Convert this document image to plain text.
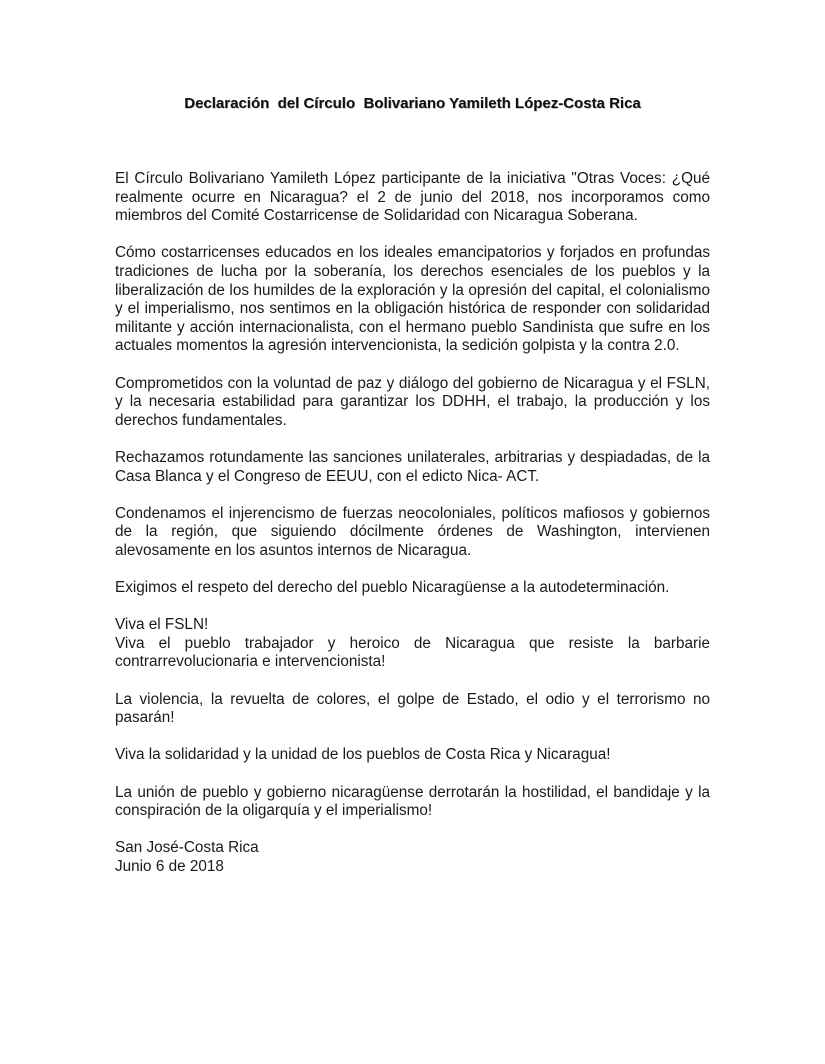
Declaración  del Círculo  Bolivariano Yamileth López-Costa Rica

El Círculo Bolivariano Yamileth López participante de la iniciativa "Otras Voces: ¿Qué realmente ocurre en Nicaragua? el 2 de junio del 2018, nos incorporamos como miembros del Comité Costarricense de Solidaridad con Nicaragua Soberana.

Cómo costarricenses educados en los ideales emancipatorios y forjados en profundas tradiciones de lucha por la soberanía, los derechos esenciales de los pueblos y la liberalización de los humildes de la exploración y la opresión del capital, el colonialismo y el imperialismo, nos sentimos en la obligación histórica de responder con solidaridad militante y acción internacionalista, con el hermano pueblo Sandinista que sufre en los actuales momentos la agresión intervencionista, la sedición golpista y la contra 2.0.

Comprometidos con la voluntad de paz y diálogo del gobierno de Nicaragua y el FSLN, y la necesaria estabilidad para garantizar los DDHH, el trabajo, la producción y los derechos fundamentales.

Rechazamos rotundamente las sanciones unilaterales, arbitrarias y despiadadas, de la Casa Blanca y el Congreso de EEUU, con el edicto Nica- ACT.

Condenamos el injerencismo de fuerzas neocoloniales, políticos mafiosos y gobiernos de la región, que siguiendo dócilmente órdenes de Washington, intervienen alevosamente en los asuntos internos de Nicaragua.

Exigimos el respeto del derecho del pueblo Nicaragüense a la autodeterminación.

Viva el FSLN!
Viva el pueblo trabajador y heroico de Nicaragua que resiste la barbarie contrarrevolucionaria e intervencionista!

La violencia, la revuelta de colores, el golpe de Estado, el odio y el terrorismo no pasarán!

Viva la solidaridad y la unidad de los pueblos de Costa Rica y Nicaragua!

La unión de pueblo y gobierno nicaragüense derrotarán la hostilidad, el bandidaje y la conspiración de la oligarquía y el imperialismo!

San José-Costa Rica
Junio 6 de 2018
